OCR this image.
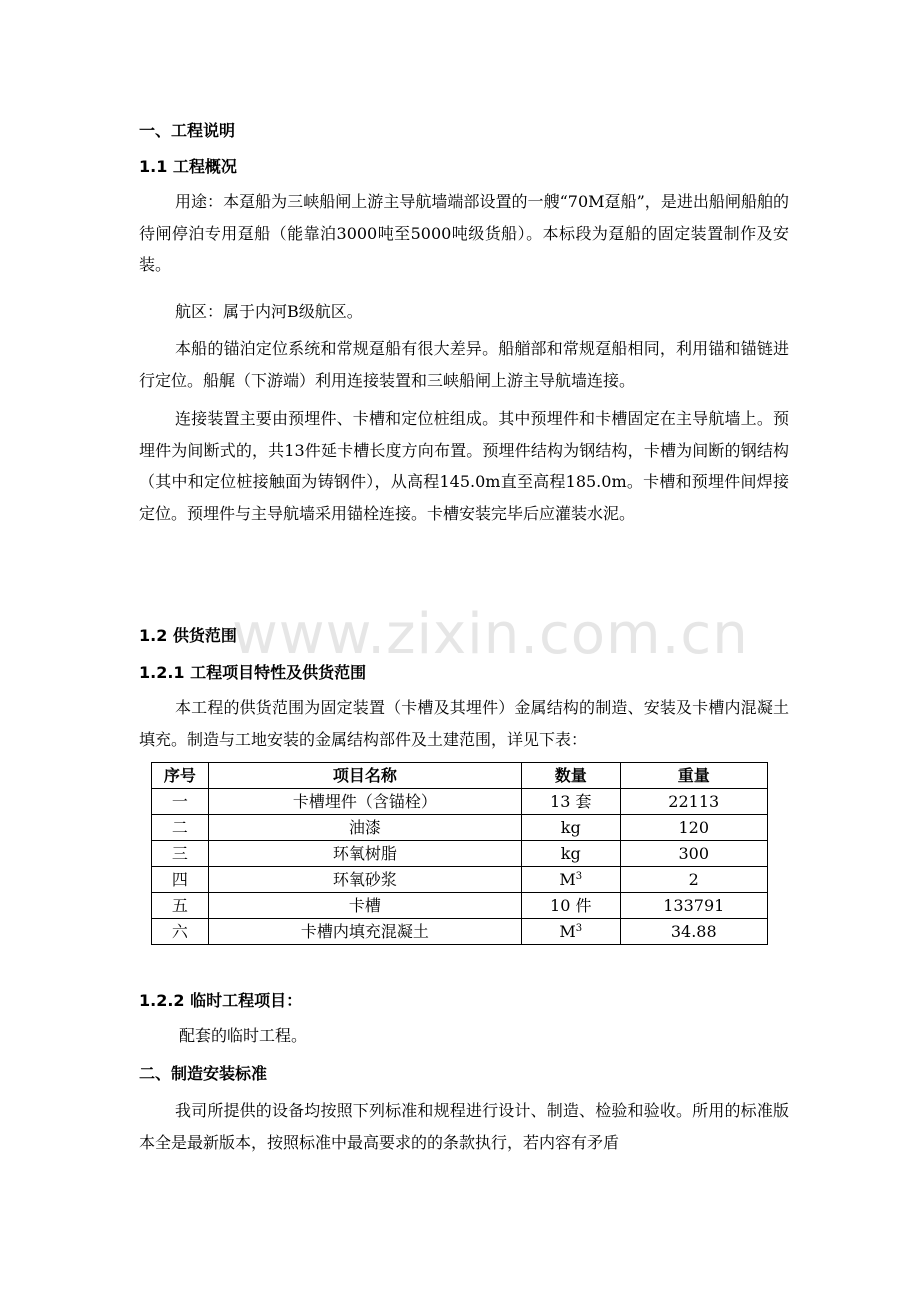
一、工程说明
1.1 工程概况
用途：本趸船为三峡船闸上游主导航墙端部设置的一艘“70M趸船”，是进出船闸船舶的待闸停泊专用趸船（能靠泊3000吨至5000吨级货船）。本标段为趸船的固定装置制作及安装。
航区：属于内河B级航区。
本船的锚泊定位系统和常规趸船有很大差异。船艏部和常规趸船相同，利用锚和锚链进行定位。船艉（下游端）利用连接装置和三峡船闸上游主导航墙连接。
连接装置主要由预埋件、卡槽和定位桩组成。其中预埋件和卡槽固定在主导航墙上。预埋件为间断式的，共13件延卡槽长度方向布置。预埋件结构为钢结构，卡槽为间断的钢结构（其中和定位桩接触面为铸钢件），从高程145.0m直至高程185.0m。卡槽和预埋件间焊接定位。预埋件与主导航墙采用锚栓连接。卡槽安装完毕后应灌装水泥。
www.zixin.com.cn
1.2 供货范围
1.2.1 工程项目特性及供货范围
本工程的供货范围为固定装置（卡槽及其埋件）金属结构的制造、安装及卡槽内混凝土填充。制造与工地安装的金属结构部件及土建范围，详见下表：
序号	项目名称	数量	重量
一	卡槽埋件（含锚栓）	13 套	22113
二	油漆	kg	120
三	环氧树脂	kg	300
四	环氧砂浆	$M^3$	2
五	卡槽	10 件	133791
六	卡槽内填充混凝土	$M^3$	34.88
1.2.2 临时工程项目：
配套的临时工程。
二、制造安装标准
我司所提供的设备均按照下列标准和规程进行设计、制造、检验和验收。所用的标准版本全是最新版本，按照标准中最高要求的的条款执行，若内容有矛盾
